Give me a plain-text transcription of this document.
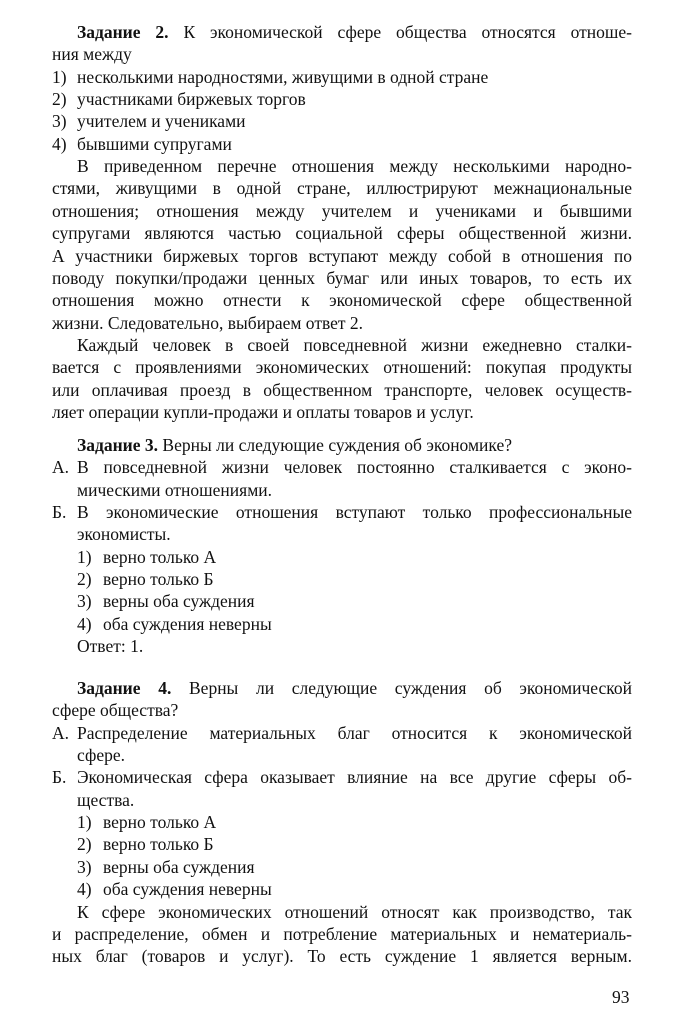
Задание 2. К экономической сфере общества относятся отноше-
ния между
1) несколькими народностями, живущими в одной стране
2) участниками биржевых торгов
3) учителем и учениками
4) бывшими супругами
В приведенном перечне отношения между несколькими народно-
стями, живущими в одной стране, иллюстрируют межнациональные
отношения; отношения между учителем и учениками и бывшими
супругами являются частью социальной сферы общественной жизни.
А участники биржевых торгов вступают между собой в отношения по
поводу покупки/продажи ценных бумаг или иных товаров, то есть их
отношения можно отнести к экономической сфере общественной
жизни. Следовательно, выбираем ответ 2.
Каждый человек в своей повседневной жизни ежедневно сталки-
вается с проявлениями экономических отношений: покупая продукты
или оплачивая проезд в общественном транспорте, человек осуществ-
ляет операции купли-продажи и оплаты товаров и услуг.
Задание 3. Верны ли следующие суждения об экономике?
А. В повседневной жизни человек постоянно сталкивается с эконо-
мическими отношениями.
Б. В экономические отношения вступают только профессиональные
экономисты.
1) верно только А
2) верно только Б
3) верны оба суждения
4) оба суждения неверны
Ответ: 1.
Задание 4. Верны ли следующие суждения об экономической
сфере общества?
А. Распределение материальных благ относится к экономической
сфере.
Б. Экономическая сфера оказывает влияние на все другие сферы об-
щества.
1) верно только А
2) верно только Б
3) верны оба суждения
4) оба суждения неверны
К сфере экономических отношений относят как производство, так
и распределение, обмен и потребление материальных и нематериаль-
ных благ (товаров и услуг). То есть суждение 1 является верным.
93
